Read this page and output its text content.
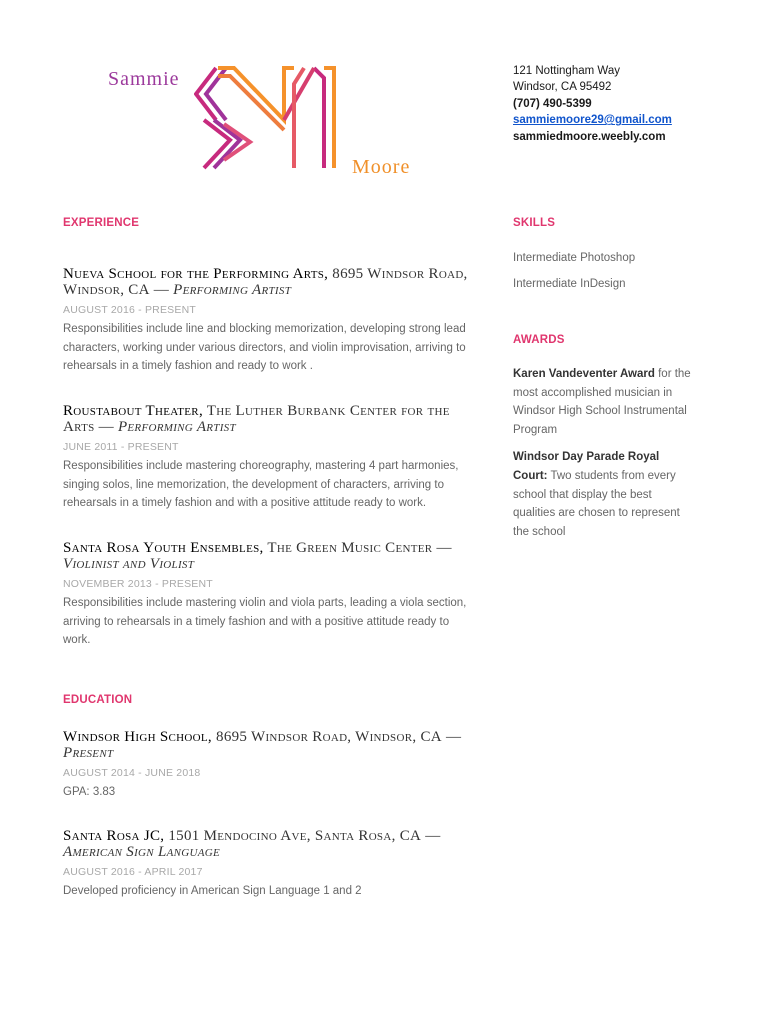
Sammie
Moore
121 Nottingham Way
Windsor, CA 95492
(707) 490-5399
sammiemoore29@gmail.com
sammiedmoore.weebly.com
EXPERIENCE
Nueva School for the Performing Arts, 8695 Windsor Road, Windsor, CA — Performing Artist
AUGUST 2016 - PRESENT
Responsibilities include line and blocking memorization, developing strong lead characters, working under various directors, and violin improvisation, arriving to rehearsals in a timely fashion and ready to work .
Roustabout Theater, The Luther Burbank Center for the Arts — Performing Artist
JUNE 2011 - PRESENT
Responsibilities include mastering choreography, mastering 4 part harmonies, singing solos, line memorization, the development of characters, arriving to rehearsals in a timely fashion and with a positive attitude ready to work.
Santa Rosa Youth Ensembles, The Green Music Center — Violinist and Violist
NOVEMBER 2013 - PRESENT
Responsibilities include mastering violin and viola parts, leading a viola section, arriving to rehearsals in a timely fashion and with a positive attitude ready to work.
EDUCATION
Windsor High School, 8695 Windsor Road, Windsor, CA — Present
AUGUST 2014 - JUNE 2018
GPA: 3.83
Santa Rosa JC, 1501 Mendocino Ave, Santa Rosa, CA — American Sign Language
AUGUST 2016 - APRIL 2017
Developed proficiency in American Sign Language 1 and 2
SKILLS
Intermediate Photoshop
Intermediate InDesign
AWARDS
Karen Vandeventer Award for the most accomplished musician in Windsor High School Instrumental Program
Windsor Day Parade Royal Court: Two students from every school that display the best qualities are chosen to represent the school
